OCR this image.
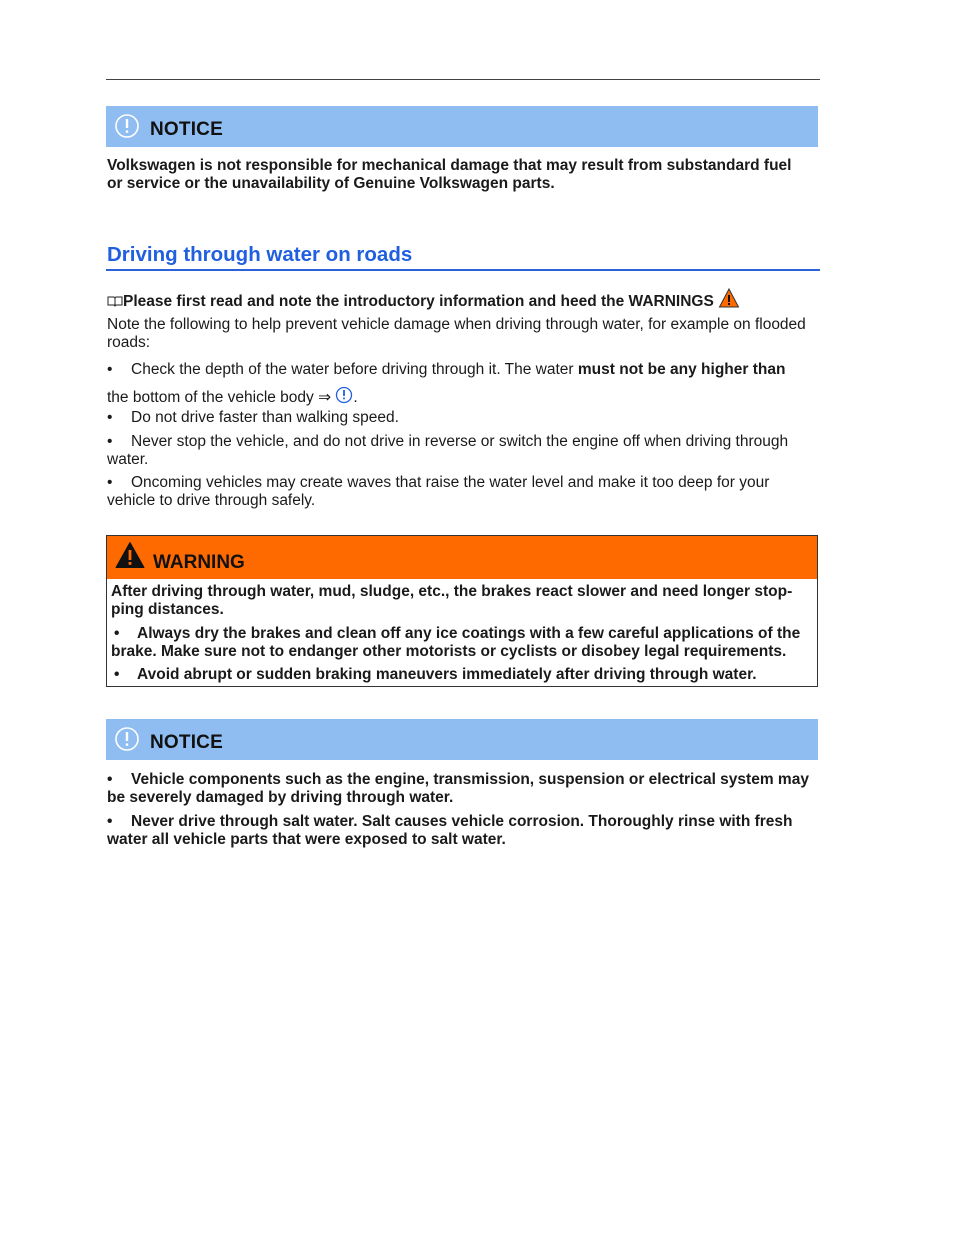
NOTICE
Volkswagen is not responsible for mechanical damage that may result from substandard fuel
or service or the unavailability of Genuine Volkswagen parts.
Driving through water on roads
Please first read and note the introductory information and heed the WARNINGS
Note the following to help prevent vehicle damage when driving through water, for example on flooded
roads:
•	Check the depth of the water before driving through it. The water must not be any higher than
the bottom of the vehicle body ⇒ .
•	Do not drive faster than walking speed.
•	Never stop the vehicle, and do not drive in reverse or switch the engine off when driving through
water.
•	Oncoming vehicles may create waves that raise the water level and make it too deep for your
vehicle to drive through safely.
WARNING
After driving through water, mud, sludge, etc., the brakes react slower and need longer stop-
ping distances.
•	Always dry the brakes and clean off any ice coatings with a few careful applications of the
brake. Make sure not to endanger other motorists or cyclists or disobey legal requirements.
•	Avoid abrupt or sudden braking maneuvers immediately after driving through water.
NOTICE
•	Vehicle components such as the engine, transmission, suspension or electrical system may
be severely damaged by driving through water.
•	Never drive through salt water. Salt causes vehicle corrosion. Thoroughly rinse with fresh
water all vehicle parts that were exposed to salt water.
